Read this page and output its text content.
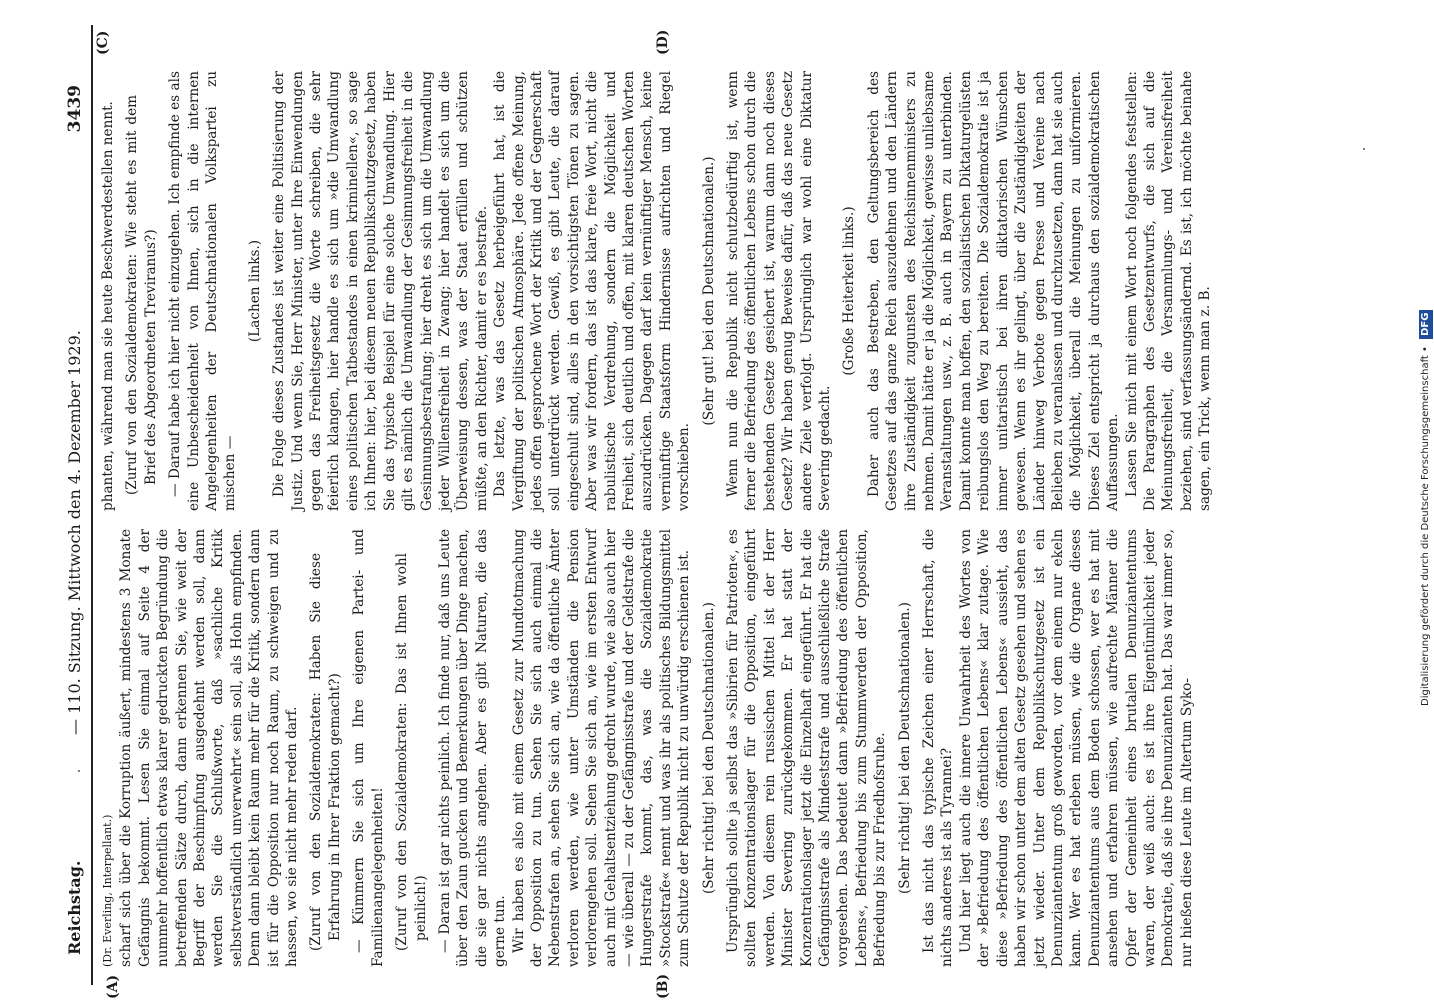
Reichstag.
— 110. Sitzung. Mittwoch den 4. Dezember 1929.
3439
(A)	(B)
(C)	(D)

(Dr. Everling, Interpellant.) scharf sich über die Korruption äußert, mindestens 3 Monate Gefängnis bekommt. Lesen Sie einmal auf Seite 4 der nummehr hoffentlich etwas klarer gedruckten Begründung die betreffenden Sätze durch, dann erkennen Sie, wie weit der Begriff der Beschimpfung ausgedehnt werden soll, dann werden Sie die Schlußworte, daß »sachliche Kritik selbstverständlich unverwehrt« sein soll, als Hohn empfinden. Denn dann bleibt kein Raum mehr für die Kritik, sondern dann ist für die Opposition nur noch Raum, zu schweigen und zu hassen, wo sie nicht mehr reden darf. (Zuruf von den Sozialdemokraten: Haben Sie diese Erfahrung in Ihrer Fraktion gemacht?) — Kümmern Sie sich um Ihre eigenen Partei- und Familienangelegenheiten! (Zuruf von den Sozialdemokraten: Das ist Ihnen wohl peinlich!) — Daran ist gar nichts peinlich. Ich finde nur, daß uns Leute über den Zaun gucken und Bemerkungen über Dinge machen, die sie gar nichts angehen. Aber es gibt Naturen, die das gerne tun. Wir haben es also mit einem Gesetz zur Mundtotmachung der Opposition zu tun. Sehen Sie sich auch einmal die Nebenstrafen an, sehen Sie sich an, wie da öffentliche Ämter verloren werden, wie unter Umständen die Pension verlorengehen soll. Sehen Sie sich an, wie im ersten Entwurf auch mit Gehaltsentziehung gedroht wurde, wie also auch hier — wie überall — zu der Gefängnisstrafe und der Geldstrafe die Hungerstrafe kommt, das, was die Sozialdemokratie »Stockstrafe« nennt und was ihr als politisches Bildungsmittel zum Schutze der Republik nicht zu unwürdig erschienen ist. (Sehr richtig! bei den Deutschnationalen.) Ursprünglich sollte ja selbst das »Sibirien für Patrioten«, es sollten Konzentrationslager für die Opposition, eingeführt werden. Von diesem rein russischen Mittel ist der Herr Minister Severing zurückgekommen. Er hat statt der Konzentrationslager jetzt die Einzelhaft eingeführt. Er hat die Gefängnisstrafe als Mindeststrafe und ausschließliche Strafe vorgesehen. Das bedeutet dann »Befriedung des öffentlichen Lebens«, Befriedung bis zum Stummwerden der Opposition, Befriedung bis zur Friedhofsruhe. (Sehr richtig! bei den Deutschnationalen.) Ist das nicht das typische Zeichen einer Herrschaft, die nichts anderes ist als Tyrannei? Und hier liegt auch die innere Unwahrheit des Wortes von der »Befriedung des öffentlichen Lebens« klar zutage. Wie diese »Befriedung des öffentlichen Lebens« aussieht, das haben wir schon unter dem alten Gesetz gesehen und sehen es jetzt wieder. Unter dem Republikschutzgesetz ist ein Denunziantentum groß geworden, vor dem einem nur ekeln kann. Wer es hat erleben müssen, wie die Organe dieses Denunziantentums aus dem Boden schossen, wer es hat mit ansehen und erfahren müssen, wie aufrechte Männer die Opfer der Gemeinheit eines brutalen Denunziantentums waren, der weiß auch: es ist ihre Eigentümlichkeit jeder Demokratie, daß sie ihre Denunzianten hat. Das war immer so, nur hießen diese Leute im Altertum Syko-

phanten, während man sie heute Beschwerdestellen nennt. (Zuruf von den Sozialdemokraten: Wie steht es mit dem Brief des Abgeordneten Treviranus?) — Darauf habe ich hier nicht einzugehen. Ich empfinde es als eine Unbescheidenheit von Ihnen, sich in die internen Angelegenheiten der Deutschnationalen Volkspartei zu mischen —

(Lachen links.) Die Folge dieses Zustandes ist weiter eine Politisierung der Justiz. Und wenn Sie, Herr Minister, unter Ihre Einwendungen gegen das Freiheitsgesetz die Worte schreiben, die sehr feierlich klangen, hier handle es sich um »die Umwandlung eines politischen Tatbestandes in einen kriminellen«, so sage ich Ihnen: hier, bei diesem neuen Republikschutzgesetz, haben Sie das typische Beispiel für eine solche Umwandlung. Hier gilt es nämlich die Umwandlung der Gesinnungsfreiheit in die Gesinnungsbestrafung; hier dreht es sich um die Umwandlung jeder Willensfreiheit in Zwang; hier handelt es sich um die Überweisung dessen, was der Staat erfüllen und schützen müßte, an den Richter, damit er es bestrafe. Das letzte, was das Gesetz herbeigeführt hat, ist die Vergiftung der politischen Atmosphäre. Jede offene Meinung, jedes offen gesprochene Wort der Kritik und der Gegnerschaft soll unterdrückt werden. Gewiß, es gibt Leute, die darauf eingeschult sind, alles in den vorsichtigsten Tönen zu sagen. Aber was wir fordern, das ist das klare, freie Wort, nicht die rabulistische Verdrehung, sondern die Möglichkeit und Freiheit, sich deutlich und offen, mit klaren deutschen Worten auszudrücken. Dagegen darf kein vernünftiger Mensch, keine vernünftige Staatsform Hindernisse aufrichten und Riegel vorschieben.

(Sehr gut! bei den Deutschnationalen.) Wenn nun die Republik nicht schutzbedürftig ist, wenn ferner die Befriedung des öffentlichen Lebens schon durch die bestehenden Gesetze gesichert ist, warum dann noch dieses Gesetz? Wir haben genug Beweise dafür, daß das neue Gesetz andere Ziele verfolgt. Ursprünglich war wohl eine Diktatur Severing gedacht.

(Große Heiterkeit links.) Daher auch das Bestreben, den Geltungsbereich des Gesetzes auf das ganze Reich auszudehnen und den Ländern ihre Zuständigkeit zugunsten des Reichsinnenministers zu nehmen. Damit hätte er ja die Möglichkeit, gewisse unliebsame Veranstaltungen usw., z. B. auch in Bayern zu unterbinden. Damit konnte man hoffen, den sozialistischen Diktaturgelüsten reibungslos den Weg zu bereiten. Die Sozialdemokratie ist ja immer unitaristisch bei ihren diktatorischen Wünschen gewesen. Wenn es ihr gelingt, über die Zuständigkeiten der Länder hinweg Verbote gegen Presse und Vereine nach Belieben zu veranlassen und durchzusetzen, dann hat sie auch die Möglichkeit, überall die Meinungen zu uniformieren. Dieses Ziel entspricht ja durchaus den sozialdemokratischen Auffassungen. Lassen Sie mich mit einem Wort noch folgendes feststellen: Die Paragraphen des Gesetzentwurfs, die sich auf die Meinungsfreiheit, die Versammlungs- und Vereinsfreiheit beziehen, sind verfassungsändernd. Es ist, ich möchte beinahe sagen, ein Trick, wenn man z. B.	Digitalisierung gefördert durch die Deutsche Forschungsgemeinschaft • DFG
